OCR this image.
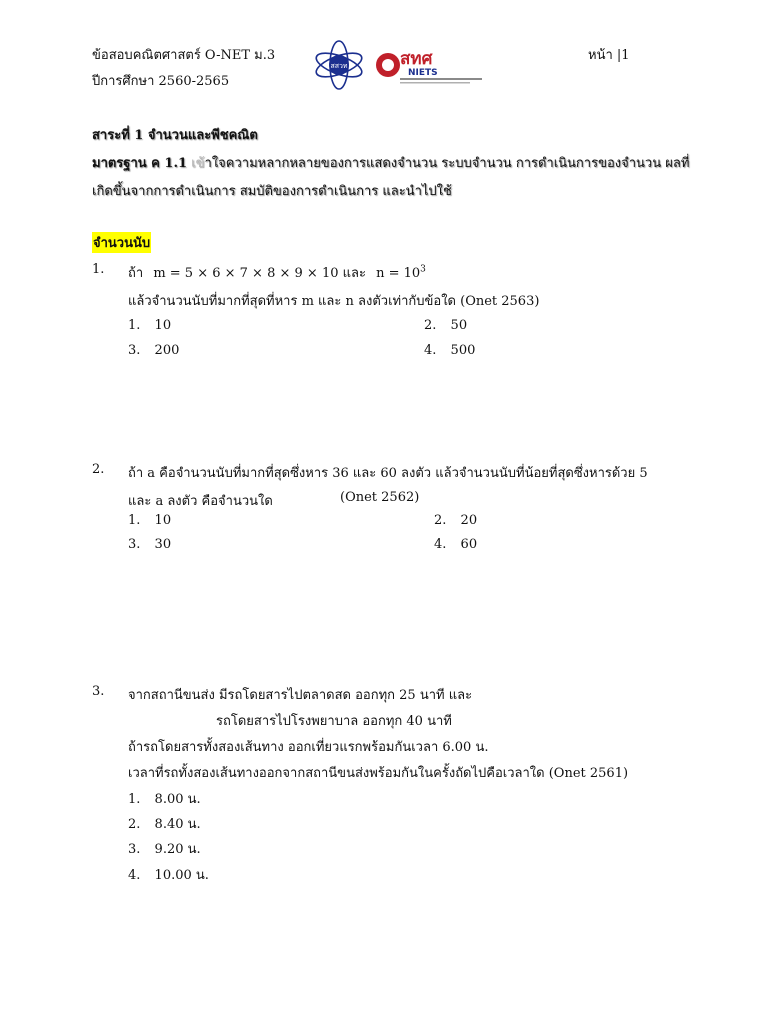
ข้อสอบคณิตศาสตร์ O-NET ม.3
ปีการศึกษา 2560-2565
หน้า |1
สสวท	สทศ
NIETS
สาระที่ 1 จำนวนและพีชคณิต
มาตรฐาน ค 1.1 เข้าใจความหลากหลายของการแสดงจำนวน ระบบจำนวน การดำเนินการของจำนวน ผลที่
เกิดขึ้นจากการดำเนินการ สมบัติของการดำเนินการ และนำไปใช้
จำนวนนับ
1. ถ้า m = 5 × 6 × 7 × 8 × 9 × 10 และ $n = 10^3$
แล้วจำนวนนับที่มากที่สุดที่หาร m และ n ลงตัวเท่ากับข้อใด (Onet 2563)
1. 10	2. 50
3. 200	4. 500
2. ถ้า a คือจำนวนนับที่มากที่สุดซึ่งหาร 36 และ 60 ลงตัว แล้วจำนวนนับที่น้อยที่สุดซึ่งหารด้วย 5
และ a ลงตัว คือจำนวนใด	(Onet 2562)
1. 10	2. 20
3. 30	4. 60
3. จากสถานีขนส่ง มีรถโดยสารไปตลาดสด ออกทุก 25 นาที และ
รถโดยสารไปโรงพยาบาล ออกทุก 40 นาที
ถ้ารถโดยสารทั้งสองเส้นทาง ออกเที่ยวแรกพร้อมกันเวลา 6.00 น.
เวลาที่รถทั้งสองเส้นทางออกจากสถานีขนส่งพร้อมกันในครั้งถัดไปคือเวลาใด (Onet 2561)
1. 8.00 น.
2. 8.40 น.
3. 9.20 น.
4. 10.00 น.
